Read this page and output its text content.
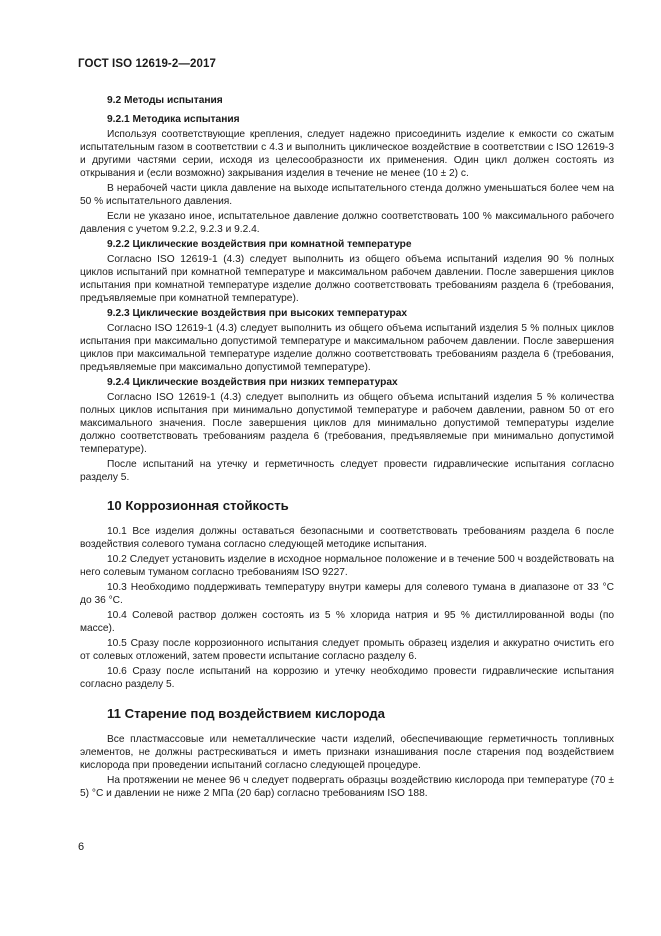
ГОСТ ISO 12619-2—2017
9.2 Методы испытания
9.2.1 Методика испытания
Используя соответствующие крепления, следует надежно присоединить изделие к емкости со сжатым испытательным газом в соответствии с 4.3 и выполнить циклическое воздействие в соответствии с ISO 12619-3 и другими частями серии, исходя из целесообразности их применения. Один цикл должен состоять из открывания и (если возможно) закрывания изделия в течение не менее (10 ± 2) с.
В нерабочей части цикла давление на выходе испытательного стенда должно уменьшаться более чем на 50 % испытательного давления.
Если не указано иное, испытательное давление должно соответствовать 100 % максимального рабочего давления с учетом 9.2.2, 9.2.3 и 9.2.4.
9.2.2 Циклические воздействия при комнатной температуре
Согласно ISO 12619-1 (4.3) следует выполнить из общего объема испытаний изделия 90 % полных циклов испытаний при комнатной температуре и максимальном рабочем давлении. После завершения циклов испытания при комнатной температуре изделие должно соответствовать требованиям раздела 6 (требования, предъявляемые при комнатной температуре).
9.2.3 Циклические воздействия при высоких температурах
Согласно ISO 12619-1 (4.3) следует выполнить из общего объема испытаний изделия 5 % полных циклов испытания при максимально допустимой температуре и максимальном рабочем давлении. После завершения циклов при максимальной температуре изделие должно соответствовать требованиям раздела 6 (требования, предъявляемые при максимально допустимой температуре).
9.2.4 Циклические воздействия при низких температурах
Согласно ISO 12619-1 (4.3) следует выполнить из общего объема испытаний изделия 5 % количества полных циклов испытания при минимально допустимой температуре и рабочем давлении, равном 50 от его максимального значения. После завершения циклов для минимально допустимой температуры изделие должно соответствовать требованиям раздела 6 (требования, предъявляемые при минимально допустимой температуре).
После испытаний на утечку и герметичность следует провести гидравлические испытания согласно разделу 5.
10 Коррозионная стойкость
10.1 Все изделия должны оставаться безопасными и соответствовать требованиям раздела 6 после воздействия солевого тумана согласно следующей методике испытания.
10.2 Следует установить изделие в исходное нормальное положение и в течение 500 ч воздействовать на него солевым туманом согласно требованиям ISO 9227.
10.3 Необходимо поддерживать температуру внутри камеры для солевого тумана в диапазоне от 33 °С до 36 °С.
10.4 Солевой раствор должен состоять из 5 % хлорида натрия и 95 % дистиллированной воды (по массе).
10.5 Сразу после коррозионного испытания следует промыть образец изделия и аккуратно очистить его от солевых отложений, затем провести испытание согласно разделу 6.
10.6 Сразу после испытаний на коррозию и утечку необходимо провести гидравлические испытания согласно разделу 5.
11 Старение под воздействием кислорода
Все пластмассовые или неметаллические части изделий, обеспечивающие герметичность топливных элементов, не должны растрескиваться и иметь признаки изнашивания после старения под воздействием кислорода при проведении испытаний согласно следующей процедуре.
На протяжении не менее 96 ч следует подвергать образцы воздействию кислорода при температуре (70 ± 5) °С и давлении не ниже 2 МПа (20 бар) согласно требованиям ISO 188.
6
